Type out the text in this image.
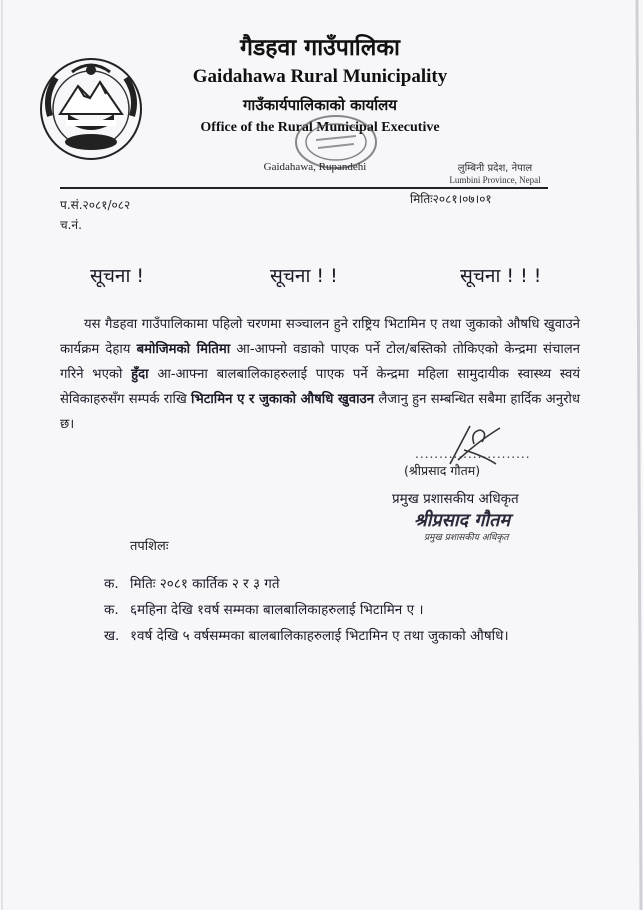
गैडहवा गाउँपालिका
Gaidahawa Rural Municipality
गाउँकार्यपालिकाको कार्यालय
Office of the Rural Municipal Executive
Gaidahawa, Rupandehi	लुम्बिनी प्रदेश, नेपाल
Lumbini Province, Nepal
प.सं.२०८१/०८२
च.नं.
मितिः२०८१।०७।०१
सूचना !	सूचना ! !	सूचना ! ! !
यस गैडहवा गाउँपालिकामा पहिलो चरणमा सञ्चालन हुने राष्ट्रिय भिटामिन ए तथा जुकाको औषधि खुवाउने कार्यक्रम देहाय बमोजिमको मितिमा आ-आफ्नो वडाको पाएक पर्ने टोल/बस्तिको तोकिएको केन्द्रमा संचालन गरिने भएको हुँदा आ-आफ्ना बालबालिकाहरुलाई पाएक पर्ने केन्द्रमा महिला सामुदायीक स्वास्थ्य स्वयं सेविकाहरुसँग सम्पर्क राखि भिटामिन ए र जुकाको औषधि खुवाउन लैजानु हुन सम्बन्धित सबैमा हार्दिक अनुरोध छ।
........................
(श्रीप्रसाद गौतम)
प्रमुख प्रशासकीय अधिकृत
श्रीप्रसाद गौतम
प्रमुख प्रशासकीय अधिकृत
तपशिलः
क. मितिः २०८१ कार्तिक २ र ३ गते
क. ६महिना देखि १वर्ष सम्मका बालबालिकाहरुलाई भिटामिन ए ।
ख. १वर्ष देखि ५ वर्षसम्मका बालबालिकाहरुलाई भिटामिन ए तथा जुकाको औषधि।
